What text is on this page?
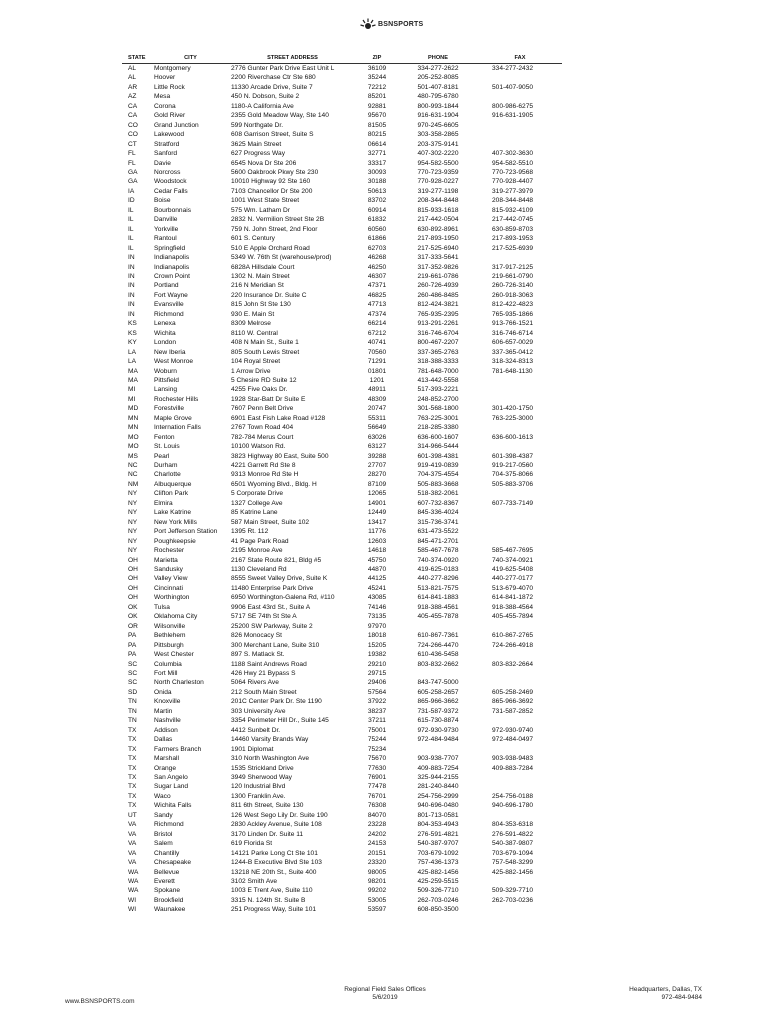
BSNSPORTS
STATE	CITY	STREET ADDRESS	ZIP	PHONE	FAX
AL	Montgomery	2776 Gunter Park Drive East Unit L	36109	334-277-2622	334-277-2432
AL	Hoover	2200 Riverchase Ctr Ste 680	35244	205-252-8085	
AR	Little Rock	11330 Arcade Drive, Suite 7	72212	501-407-8181	501-407-9050
AZ	Mesa	450 N. Dobson, Suite 2	85201	480-795-6780	
CA	Corona	1180-A California Ave	92881	800-993-1844	800-986-6275
CA	Gold River	2355 Gold Meadow Way, Ste 140	95670	916-631-1904	916-631-1905
CO	Grand Junction	599 Northgate Dr.	81505	970-245-6605	
CO	Lakewood	608 Garrison Street, Suite S	80215	303-358-2865	
CT	Stratford	3625 Main Street	06614	203-375-9141	
FL	Sanford	627 Progress Way	32771	407-302-2220	407-302-3630
FL	Davie	6545 Nova Dr Ste 206	33317	954-582-5500	954-582-5510
GA	Norcross	5600 Oakbrook Pkwy Ste 230	30093	770-723-9359	770-723-9568
GA	Woodstock	10010 Highway 92 Ste 160	30188	770-928-0227	770-928-4407
IA	Cedar Falls	7103 Chancellor Dr Ste 200	50613	319-277-1198	319-277-3979
ID	Boise	1001 West State Street	83702	208-344-8448	208-344-8448
IL	Bourbonnais	575 Wm. Latham Dr	60914	815-933-1618	815-932-4109
IL	Danville	2832 N. Vermilion Street Ste 2B	61832	217-442-0504	217-442-0745
IL	Yorkville	759 N. John Street, 2nd Floor	60560	630-892-8961	630-859-8703
IL	Rantoul	601 S. Century	61866	217-893-1950	217-893-1953
IL	Springfield	510 E Apple Orchard Road	62703	217-525-6940	217-525-6939
IN	Indianapolis	5349 W. 76th St (warehouse/prod)	46268	317-333-5641	
IN	Indianapolis	6828A Hillsdale Court	46250	317-352-9826	317-917-2125
IN	Crown Point	1302 N. Main Street	46307	219-661-0786	219-661-0790
IN	Portland	216 N Meridian St	47371	260-726-4939	260-726-3140
IN	Fort Wayne	220 Insurance Dr. Suite C	46825	260-486-8485	260-918-3063
IN	Evansville	815 John St Ste 130	47713	812-424-3821	812-422-4823
IN	Richmond	930 E. Main St	47374	765-935-2395	765-935-1866
KS	Lenexa	8309 Melrose	66214	913-291-2261	913-766-1521
KS	Wichita	8110 W. Central	67212	316-746-6704	316-746-6714
KY	London	408 N Main St., Suite 1	40741	800-467-2207	606-657-0029
LA	New Iberia	805 South Lewis Street	70560	337-365-2763	337-365-0412
LA	West Monroe	104 Royal Street	71291	318-388-3333	318-324-8313
MA	Woburn	1 Arrow Drive	01801	781-648-7000	781-648-1130
MA	Pittsfield	5 Chesire RD Suite 12	1201	413-442-5558	
MI	Lansing	4255 Five Oaks Dr.	48911	517-393-2221	
MI	Rochester Hills	1928 Star-Batt Dr Suite E	48309	248-852-2700	
MD	Forestville	7607 Penn Belt Drive	20747	301-568-1800	301-420-1750
MN	Maple Grove	6901 East Fish Lake Road #128	55311	763-225-3001	763-225-3000
MN	Internation Falls	2767 Town Road 404	56649	218-285-3380	
MO	Fenton	782-784 Merus Court	63026	636-600-1607	636-600-1613
MO	St. Louis	10100 Watson Rd.	63127	314-966-5444	
MS	Pearl	3823 Highway 80 East, Suite 500	39288	601-398-4381	601-398-4387
NC	Durham	4221 Garrett Rd Ste 8	27707	919-419-0839	919-217-0560
NC	Charlotte	9313 Monroe Rd Ste H	28270	704-375-4554	704-375-8066
NM	Albuquerque	6501 Wyoming Blvd., Bldg. H	87109	505-883-3668	505-883-3706
NY	Clifton Park	5 Corporate Drive	12065	518-382-2061	
NY	Elmira	1327 College Ave	14901	607-732-8367	607-733-7149
NY	Lake Katrine	85 Katrine Lane	12449	845-336-4024	
NY	New York Mills	587 Main Street, Suite 102	13417	315-736-3741	
NY	Port Jefferson Station	1395 Rt. 112	11776	631-473-5522	
NY	Poughkeepsie	41 Page Park Road	12603	845-471-2701	
NY	Rochester	2195 Monroe Ave	14618	585-467-7678	585-467-7695
OH	Marietta	2167 State Route 821, Bldg #5	45750	740-374-0920	740-374-0921
OH	Sandusky	1130 Cleveland Rd	44870	419-625-0183	419-625-5408
OH	Valley View	8555 Sweet Valley Drive, Suite K	44125	440-277-8296	440-277-0177
OH	Cincinnati	11480 Enterprise Park Drive	45241	513-821-7575	513-679-4070
OH	Worthington	6950 Worthington-Galena Rd, #110	43085	614-841-1883	614-841-1872
OK	Tulsa	9906 East 43rd St., Suite A	74146	918-388-4561	918-388-4564
OK	Oklahoma City	5717 SE 74th St Ste A	73135	405-455-7878	405-455-7894
OR	Wilsonville	25200 SW Parkway, Suite 2	97970		
PA	Bethlehem	826 Monocacy St	18018	610-867-7361	610-867-2765
PA	Pittsburgh	300 Merchant Lane, Suite 310	15205	724-266-4470	724-266-4918
PA	West Chester	897 S. Matlack St.	19382	610-436-5458	
SC	Columbia	1188 Saint Andrews Road	29210	803-832-2662	803-832-2664
SC	Fort Mill	426 Hwy 21 Bypass S	29715		
SC	North Charleston	5064 Rivers Ave	29406	843-747-5000	
SD	Onida	212 South Main Street	57564	605-258-2657	605-258-2469
TN	Knoxville	201C Center Park Dr. Ste 1190	37922	865-966-3662	865-966-3692
TN	Martin	303 University Ave	38237	731-587-9372	731-587-2852
TN	Nashville	3354 Perimeter Hill Dr., Suite 145	37211	615-730-8874	
TX	Addison	4412 Sunbelt Dr.	75001	972-930-9730	972-930-9740
TX	Dallas	14460 Varsity Brands Way	75244	972-484-9484	972-484-0497
TX	Farmers Branch	1901 Diplomat	75234		
TX	Marshall	310 North Washington Ave	75670	903-938-7707	903-938-9483
TX	Orange	1535 Strickland Drive	77630	409-883-7254	409-883-7284
TX	San Angelo	3949 Sherwood Way	76901	325-944-2155	
TX	Sugar Land	120 Industrial Blvd	77478	281-240-8440	
TX	Waco	1300 Franklin Ave.	76701	254-756-2999	254-756-0188
TX	Wichita Falls	811 6th Street, Suite 130	76308	940-696-0480	940-696-1780
UT	Sandy	126 West Sego Lily Dr. Suite 190	84070	801-713-0581	
VA	Richmond	2830 Ackley Avenue, Suite 108	23228	804-353-4943	804-353-6318
VA	Bristol	3170 Linden Dr. Suite 11	24202	276-591-4821	276-591-4822
VA	Salem	619 Florida St	24153	540-387-9707	540-387-9807
VA	Chantilly	14121 Parke Long Ct Ste 101	20151	703-679-1092	703-679-1094
VA	Chesapeake	1244-B Executive Blvd Ste 103	23320	757-436-1373	757-548-3299
WA	Bellevue	13218 NE 20th St., Suite 400	98005	425-882-1456	425-882-1456
WA	Everett	3102 Smith Ave	98201	425-259-5515	
WA	Spokane	1003 E Trent Ave, Suite 110	99202	509-326-7710	509-329-7710
WI	Brookfield	3315 N. 124th St. Suite B	53005	262-703-0246	262-703-0236
WI	Waunakee	251 Progress Way, Suite 101	53597	608-850-3500	
www.BSNSPORTS.com
Regional Field Sales Offices
5/6/2019
Headquarters, Dallas, TX
972-484-9484
